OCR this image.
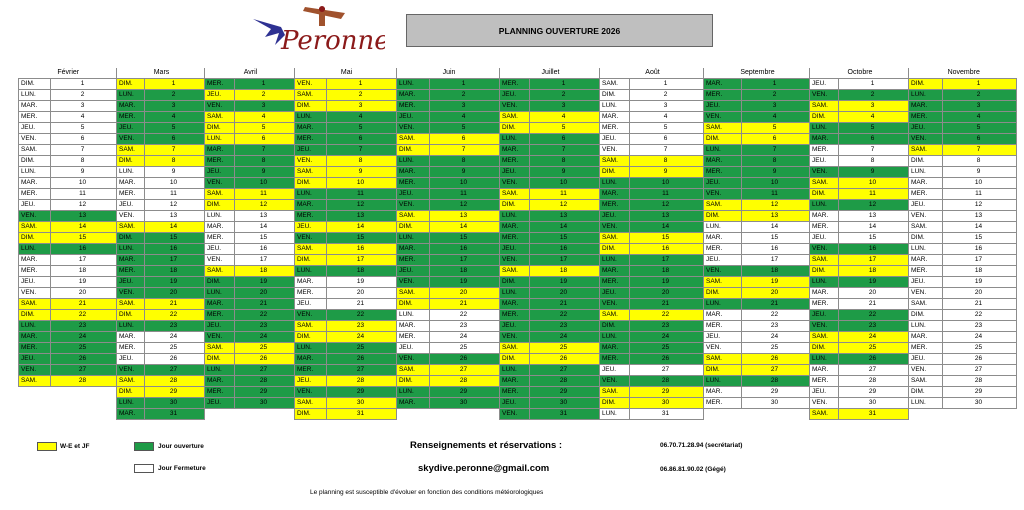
Peronne	PLANNING OUVERTURE 2026
Février		Mars		Avril		Mai		Juin		Juillet		Août		Septembre		Octobre		Novembre	
DIM.	1	DIM.	1	MER.	1	VEN.	1	LUN.	1	MER.	1	SAM.	1	MAR.	1	JEU.	1	DIM.	1
LUN.	2	LUN.	2	JEU.	2	SAM.	2	MAR.	2	JEU.	2	DIM.	2	MER.	2	VEN.	2	LUN.	2
MAR.	3	MAR.	3	VEN.	3	DIM.	3	MER.	3	VEN.	3	LUN.	3	JEU.	3	SAM.	3	MAR.	3
MER.	4	MER.	4	SAM.	4	LUN.	4	JEU.	4	SAM.	4	MAR.	4	VEN.	4	DIM.	4	MER.	4
JEU.	5	JEU.	5	DIM.	5	MAR.	5	VEN.	5	DIM.	5	MER.	5	SAM.	5	LUN.	5	JEU.	5
VEN.	6	VEN.	6	LUN.	6	MER.	6	SAM.	6	LUN.	6	JEU.	6	DIM.	6	MAR.	6	VEN.	6
SAM.	7	SAM.	7	MAR.	7	JEU.	7	DIM.	7	MAR.	7	VEN.	7	LUN.	7	MER.	7	SAM.	7
DIM.	8	DIM.	8	MER.	8	VEN.	8	LUN.	8	MER.	8	SAM.	8	MAR.	8	JEU.	8	DIM.	8
LUN.	9	LUN.	9	JEU.	9	SAM.	9	MAR.	9	JEU.	9	DIM.	9	MER.	9	VEN.	9	LUN.	9
MAR.	10	MAR.	10	VEN.	10	DIM.	10	MER.	10	VEN.	10	LUN.	10	JEU.	10	SAM.	10	MAR.	10
MER.	11	MER.	11	SAM.	11	LUN.	11	JEU.	11	SAM.	11	MAR.	11	VEN.	11	DIM.	11	MER.	11
JEU.	12	JEU.	12	DIM.	12	MAR.	12	VEN.	12	DIM.	12	MER.	12	SAM.	12	LUN.	12	JEU.	12
VEN.	13	VEN.	13	LUN.	13	MER.	13	SAM.	13	LUN.	13	JEU.	13	DIM.	13	MAR.	13	VEN.	13
SAM.	14	SAM.	14	MAR.	14	JEU.	14	DIM.	14	MAR.	14	VEN.	14	LUN.	14	MER.	14	SAM.	14
DIM.	15	DIM.	15	MER.	15	VEN.	15	LUN.	15	MER.	15	SAM.	15	MAR.	15	JEU.	15	DIM.	15
LUN.	16	LUN.	16	JEU.	16	SAM.	16	MAR.	16	JEU.	16	DIM.	16	MER.	16	VEN.	16	LUN.	16
MAR.	17	MAR.	17	VEN.	17	DIM.	17	MER.	17	VEN.	17	LUN.	17	JEU.	17	SAM.	17	MAR.	17
MER.	18	MER.	18	SAM.	18	LUN.	18	JEU.	18	SAM.	18	MAR.	18	VEN.	18	DIM.	18	MER.	18
JEU.	19	JEU.	19	DIM.	19	MAR.	19	VEN.	19	DIM.	19	MER.	19	SAM.	19	LUN.	19	JEU.	19
VEN.	20	VEN.	20	LUN.	20	MER.	20	SAM.	20	LUN.	20	JEU.	20	DIM.	20	MAR.	20	VEN.	20
SAM.	21	SAM.	21	MAR.	21	JEU.	21	DIM.	21	MAR.	21	VEN.	21	LUN.	21	MER.	21	SAM.	21
DIM.	22	DIM.	22	MER.	22	VEN.	22	LUN.	22	MER.	22	SAM.	22	MAR.	22	JEU.	22	DIM.	22
LUN.	23	LUN.	23	JEU.	23	SAM.	23	MAR.	23	JEU.	23	DIM.	23	MER.	23	VEN.	23	LUN.	23
MAR.	24	MAR.	24	VEN.	24	DIM.	24	MER.	24	VEN.	24	LUN.	24	JEU.	24	SAM.	24	MAR.	24
MER.	25	MER.	25	SAM.	25	LUN.	25	JEU.	25	SAM.	25	MAR.	25	VEN.	25	DIM.	25	MER.	25
JEU.	26	JEU.	26	DIM.	26	MAR.	26	VEN.	26	DIM.	26	MER.	26	SAM.	26	LUN.	26	JEU.	26
VEN.	27	VEN.	27	LUN.	27	MER.	27	SAM.	27	LUN.	27	JEU.	27	DIM.	27	MAR.	27	VEN.	27
SAM.	28	SAM.	28	MAR.	28	JEU.	28	DIM.	28	MAR.	28	VEN.	28	LUN.	28	MER.	28	SAM.	28
		DIM.	29	MER.	29	VEN.	29	LUN.	29	MER.	29	SAM.	29	MAR.	29	JEU.	29	DIM.	29
		LUN.	30	JEU.	30	SAM.	30	MAR.	30	JEU.	30	DIM.	30	MER.	30	VEN.	30	LUN.	30
		MAR.	31			DIM.	31			VEN.	31	LUN.	31			SAM.	31		
W-E et JF	Jour ouverture
Jour Fermeture
Renseignements et réservations :
skydive.peronne@gmail.com
06.70.71.28.94 (secrétariat)
06.86.81.90.02 (Gégé)
Le planning est susceptible d'évoluer en fonction des conditions météorologiques
